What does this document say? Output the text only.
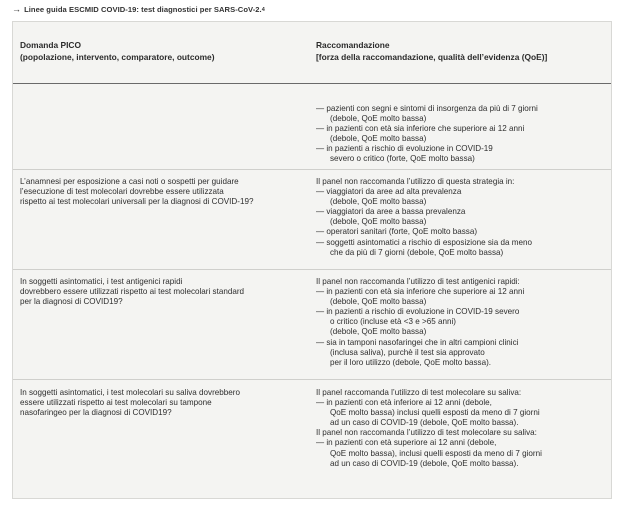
→ Linee guida ESCMID COVID-19: test diagnostici per SARS-CoV-2. 4
Domanda PICO
(popolazione, intervento, comparatore, outcome)
Raccomandazione
[forza della raccomandazione, qualità dell’evidenza (QoE)]
— pazienti con segni e sintomi di insorgenza da più di 7 giorni
(debole, QoE molto bassa)
— in pazienti con età sia inferiore che superiore ai 12 anni
(debole, QoE molto bassa)
— in pazienti a rischio di evoluzione in COVID-19
severo o critico (forte, QoE molto bassa)
L’anamnesi per esposizione a casi noti o sospetti per guidare
l’esecuzione di test molecolari dovrebbe essere utilizzata
rispetto ai test molecolari universali per la diagnosi di COVID-19?
Il panel non raccomanda l’utilizzo di questa strategia in:
— viaggiatori da aree ad alta prevalenza
(debole, QoE molto bassa)
— viaggiatori da aree a bassa prevalenza
(debole, QoE molto bassa)
— operatori sanitari (forte, QoE molto bassa)
— soggetti asintomatici a rischio di esposizione sia da meno
che da più di 7 giorni (debole, QoE molto bassa)
In soggetti asintomatici, i test antigenici rapidi
dovrebbero essere utilizzati rispetto ai test molecolari standard
per la diagnosi di COVID19?
Il panel non raccomanda l’utilizzo di test antigenici rapidi:
— in pazienti con età sia inferiore che superiore ai 12 anni
(debole, QoE molto bassa)
— in pazienti a rischio di evoluzione in COVID-19 severo
o critico (incluse età <3 e >65 anni)
(debole, QoE molto bassa)
— sia in tamponi nasofaringei che in altri campioni clinici
(inclusa saliva), purchè il test sia approvato
per il loro utilizzo (debole, QoE molto bassa).
In soggetti asintomatici, i test molecolari su saliva dovrebbero
essere utilizzati rispetto ai test molecolari su tampone
nasofaringeo per la diagnosi di COVID19?
Il panel raccomanda l’utilizzo di test molecolare su saliva:
— in pazienti con età inferiore ai 12 anni (debole,
QoE molto bassa) inclusi quelli esposti da meno di 7 giorni
ad un caso di COVID-19 (debole, QoE molto bassa).
Il panel non raccomanda l’utilizzo di test molecolare su saliva:
— in pazienti con età superiore ai 12 anni (debole,
QoE molto bassa), inclusi quelli esposti da meno di 7 giorni
ad un caso di COVID-19 (debole, QoE molto bassa).
